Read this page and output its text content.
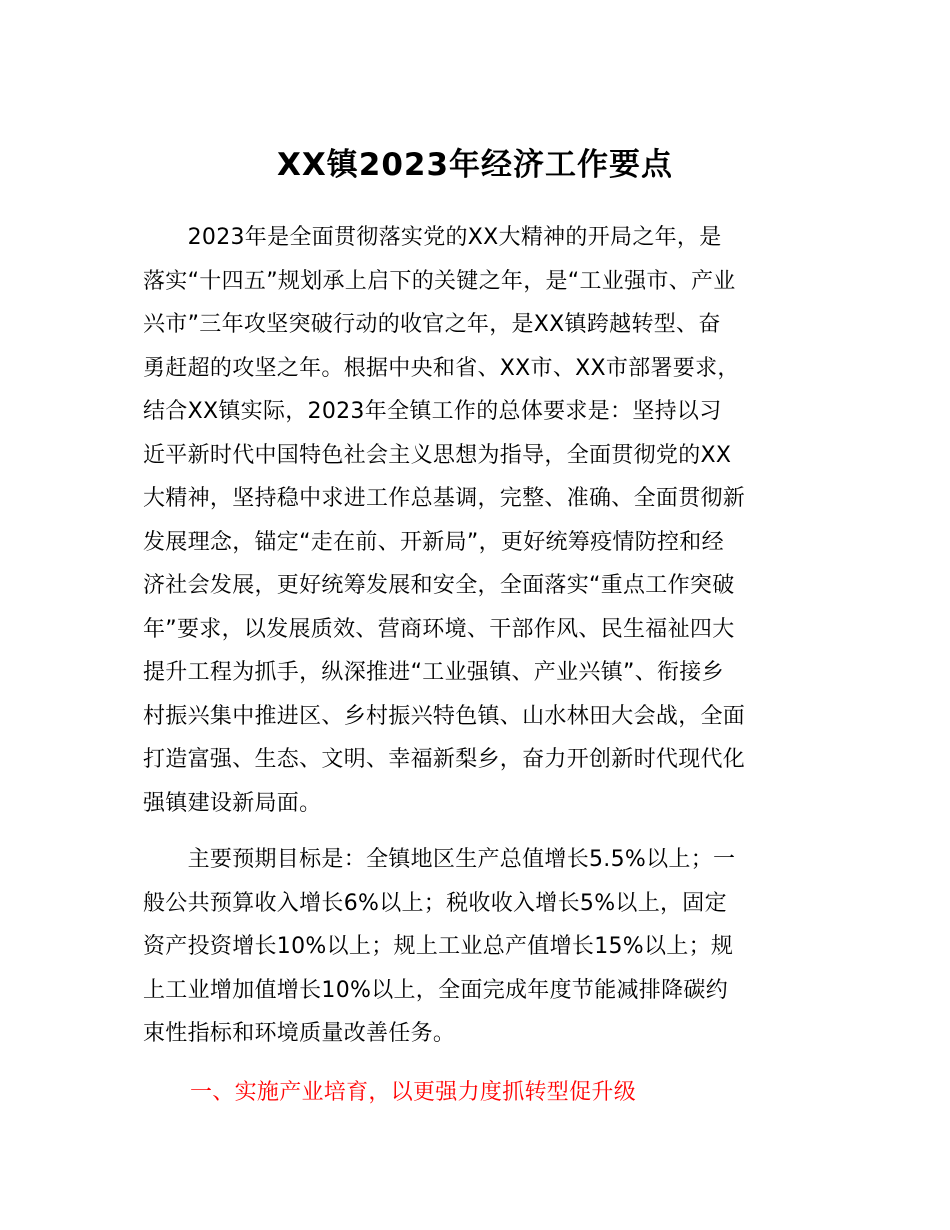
XX镇2023年经济工作要点

　　2023年是全面贯彻落实党的XX大精神的开局之年，是
落实“十四五”规划承上启下的关键之年，是“工业强市、产业
兴市”三年攻坚突破行动的收官之年，是XX镇跨越转型、奋
勇赶超的攻坚之年。根据中央和省、XX市、XX市部署要求，
结合XX镇实际，2023年全镇工作的总体要求是：坚持以习
近平新时代中国特色社会主义思想为指导，全面贯彻党的XX
大精神，坚持稳中求进工作总基调，完整、准确、全面贯彻新
发展理念，锚定“走在前、开新局”，更好统筹疫情防控和经
济社会发展，更好统筹发展和安全，全面落实“重点工作突破
年”要求，以发展质效、营商环境、干部作风、民生福祉四大
提升工程为抓手，纵深推进“工业强镇、产业兴镇”、衔接乡
村振兴集中推进区、乡村振兴特色镇、山水林田大会战，全面
打造富强、生态、文明、幸福新梨乡，奋力开创新时代现代化
强镇建设新局面。

　　主要预期目标是：全镇地区生产总值增长5.5%以上；一
般公共预算收入增长6%以上；税收收入增长5%以上，固定
资产投资增长10%以上；规上工业总产值增长15%以上；规
上工业增加值增长10%以上，全面完成年度节能减排降碳约
束性指标和环境质量改善任务。

一、实施产业培育，以更强力度抓转型促升级
